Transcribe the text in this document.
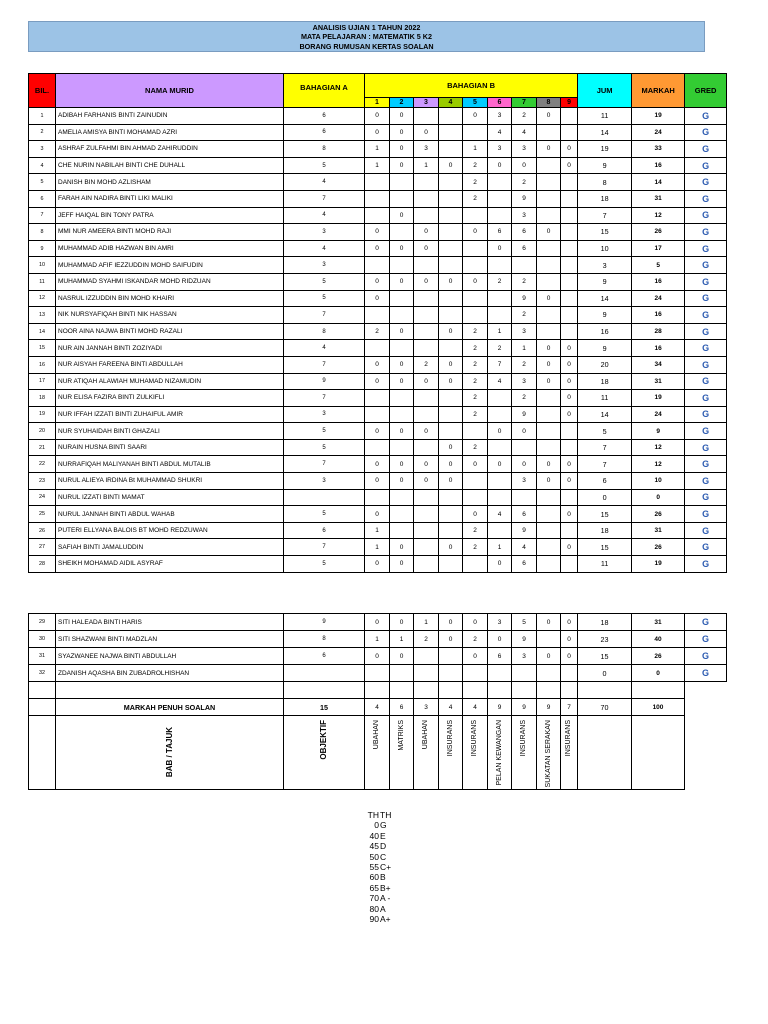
ANALISIS UJIAN 1 TAHUN 2022
MATA PELAJARAN : MATEMATIK 5 K2
BORANG RUMUSAN KERTAS SOALAN
BIL.	NAMA MURID	BAHAGIAN A	BAHAGIAN B									JUM	MARKAH	GRED
			1	2	3	4	5	6	7	8	9			
1	ADIBAH FARHANIS BINTI ZAINUDIN	6	0	0			0	3	2	0		11	19	G
2	AMELIA AMISYA BINTI MOHAMAD AZRI	6	0	0	0			4	4			14	24	G
3	ASHRAF ZULFAHMI BIN AHMAD ZAHIRUDDIN	8	1	0	3		1	3	3	0	0	19	33	G
4	CHE NURIN NABILAH BINTI CHE DUHALL	5	1	0	1	0	2	0	0		0	9	16	G
5	DANISH BIN MOHD AZLISHAM	4					2		2			8	14	G
6	FARAH AIN NADIRA BINTI LIKI MALIKI	7					2		9			18	31	G
7	JEFF HAIQAL BIN TONY PATRA	4		0					3			7	12	G
8	MMI NUR AMEERA BINTI MOHD RAJI	3	0		0		0	6	6	0		15	26	G
9	MUHAMMAD ADIB HAZWAN BIN AMRI	4	0	0	0			0	6			10	17	G
10	MUHAMMAD AFIF IEZZUDDIN MOHD SAIFUDIN	3										3	5	G
11	MUHAMMAD SYAHMI ISKANDAR MOHD RIDZUAN	5	0	0	0	0	0	2	2			9	16	G
12	NASRUL IZZUDDIN BIN MOHD KHAIRI	5	0						9	0		14	24	G
13	NIK NURSYAFIQAH BINTI NIK HASSAN	7							2			9	16	G
14	NOOR AINA NAJWA BINTI MOHD RAZALI	8	2	0		0	2	1	3			16	28	G
15	NUR AIN JANNAH BINTI ZOZIYADI	4					2	2	1	0	0	9	16	G
16	NUR AISYAH FAREENA BINTI ABDULLAH	7	0	0	2	0	2	7	2	0	0	20	34	G
17	NUR ATIQAH ALAWIAH MUHAMAD NIZAMUDIN	9	0	0	0	0	2	4	3	0	0	18	31	G
18	NUR ELISA FAZIRA BINTI ZULKIFLI	7					2		2		0	11	19	G
19	NUR IFFAH IZZATI BINTI ZUHAIFUL AMIR	3					2		9		0	14	24	G
20	NUR SYUHAIDAH BINTI GHAZALI	5	0	0	0			0	0			5	9	G
21	NURAIN HUSNA BINTI SAARI	5				0	2					7	12	G
22	NURRAFIQAH MALIYANAH BINTI ABDUL MUTALIB	7	0	0	0	0	0	0	0	0	0	7	12	G
23	NURUL ALIEYA IRDINA Bt MUHAMMAD SHUKRI	3	0	0	0	0			3	0	0	6	10	G
24	NURUL IZZATI BINTI MAMAT											0	0	G
25	NURUL JANNAH BINTI ABDUL WAHAB	5	0				0	4	6		0	15	26	G
26	PUTERI ELLYANA BALOIS BT MOHD REDZUWAN	6	1				2		9			18	31	G
27	SAFIAH BINTI JAMALUDDIN	7	1	0		0	2	1	4		0	15	26	G
28	SHEIKH MOHAMAD AIDIL ASYRAF	5	0	0				0	6			11	19	G
29	SITI HALEADA BINTI HARIS	9	0	0	1	0	0	3	5	0	0	18	31	G
30	SITI SHAZWANI BINTI MADZLAN	8	1	1	2	0	2	0	9		0	23	40	G
31	SYAZWANEE NAJWA BINTI ABDULLAH	6	0	0			0	6	3	0	0	15	26	G
32	ZDANISH AQASHA BIN ZUBADROLHISHAN											0	0	G

	MARKAH PENUH SOALAN	15	4	6	3	4	4	9	9	9	7	70	100	
	BAB / TAJUK	OBJEKTIF	UBAHAN	MATRIKS	UBAHAN	INSURANS	INSURANS	PELAN KEWANGAN	INSURANS	SUKATAN SERAKAN	INSURANS			
TH TH
0 G
40 E
45 D
50 C
55 C+
60 B
65 B+
70 A -
80 A
90 A+
